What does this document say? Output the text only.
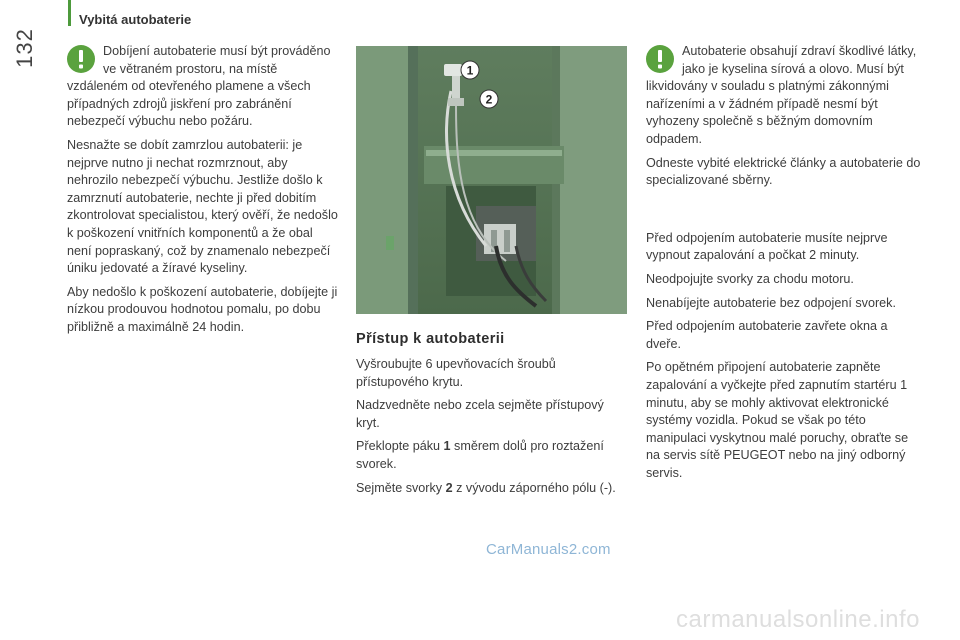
132
Vybitá autobaterie

Dobíjení autobaterie musí být prováděno ve větraném prostoru, na místě vzdáleném od otevřeného plamene a všech případných zdrojů jiskření pro zabránění nebezpečí výbuchu nebo požáru.

Nesnažte se dobít zamrzlou autobaterii: je nejprve nutno ji nechat rozmrznout, aby nehrozilo nebezpečí výbuchu. Jestliže došlo k zamrznutí autobaterie, nechte ji před dobitím zkontrolovat specialistou, který ověří, že nedošlo k poškození vnitřních komponentů a že obal není popraskaný, což by znamenalo nebezpečí úniku jedovaté a žíravé kyseliny.

Aby nedošlo k poškození autobaterie, dobíjejte ji nízkou prodouvou hodnotou pomalu, po dobu přibližně a maximálně 24 hodin.

1
2
Přístup k autobaterii

Vyšroubujte 6 upevňovacích šroubů přístupového krytu.

Nadzvedněte nebo zcela sejměte přístupový kryt.

Překlopte páku 1 směrem dolů pro roztažení svorek.

Sejměte svorky 2 z vývodu záporného pólu (-).

Autobaterie obsahují zdraví škodlivé látky, jako je kyselina sírová a olovo. Musí být likvidovány v souladu s platnými zákonnými nařízeními a v žádném případě nesmí být vyhozeny společně s běžným domovním odpadem.

Odneste vybité elektrické články a autobaterie do specializované sběrny.

Před odpojením autobaterie musíte nejprve vypnout zapalování a počkat 2 minuty.

Neodpojujte svorky za chodu motoru.

Nenabíjejte autobaterie bez odpojení svorek.

Před odpojením autobaterie zavřete okna a dveře.

Po opětném připojení autobaterie zapněte zapalování a vyčkejte před zapnutím startéru 1 minutu, aby se mohly aktivovat elektronické systémy vozidla. Pokud se však po této manipulaci vyskytnou malé poruchy, obraťte se na servis sítě PEUGEOT nebo na jiný odborný servis.

CarManuals2.com
carmanualsonline.info
